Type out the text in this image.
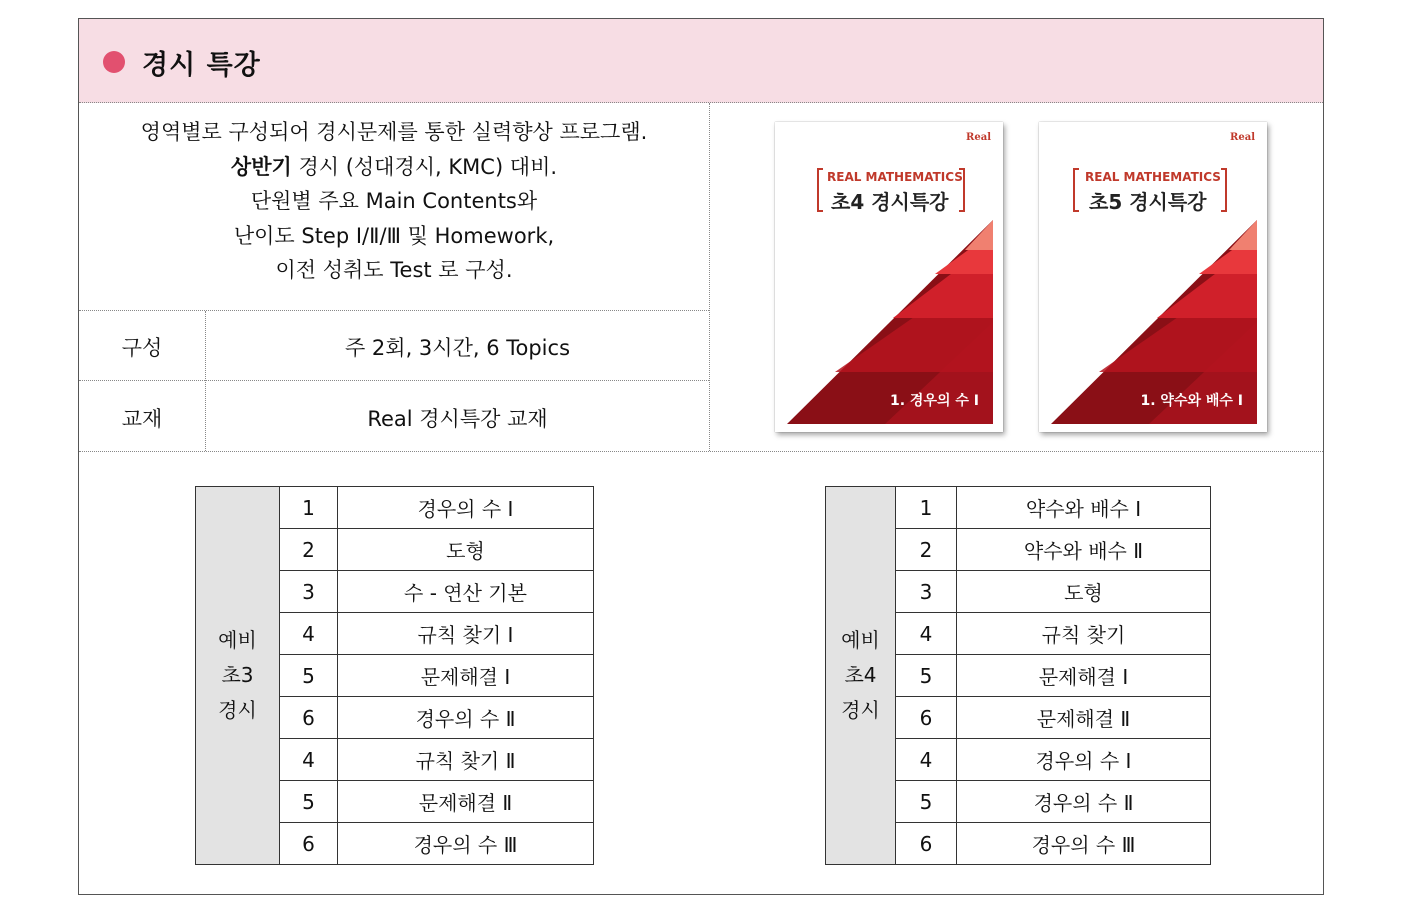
경시 특강
영역별로 구성되어 경시문제를 통한 실력향상 프로그램.
상반기 경시 (성대경시, KMC) 대비.
단원별 주요 Main Contents와
난이도 Step Ⅰ/Ⅱ/Ⅲ 및 Homework,
이전 성취도 Test 로 구성.
구성	주 2회, 3시간, 6 Topics
교재	Real 경시특강 교재
Real
REAL MATHEMATICS
초4 경시특강
1. 경우의 수 Ⅰ
Real
REAL MATHEMATICS
초5 경시특강
1. 약수와 배수 Ⅰ
예비
초3
경시	1	경우의 수 Ⅰ
	2	도형
	3	수 - 연산 기본
	4	규칙 찾기 Ⅰ
	5	문제해결 Ⅰ
	6	경우의 수 Ⅱ
	4	규칙 찾기 Ⅱ
	5	문제해결 Ⅱ
	6	경우의 수 Ⅲ
예비
초4
경시	1	약수와 배수 Ⅰ
	2	약수와 배수 Ⅱ
	3	도형
	4	규칙 찾기
	5	문제해결 Ⅰ
	6	문제해결 Ⅱ
	4	경우의 수 Ⅰ
	5	경우의 수 Ⅱ
	6	경우의 수 Ⅲ
